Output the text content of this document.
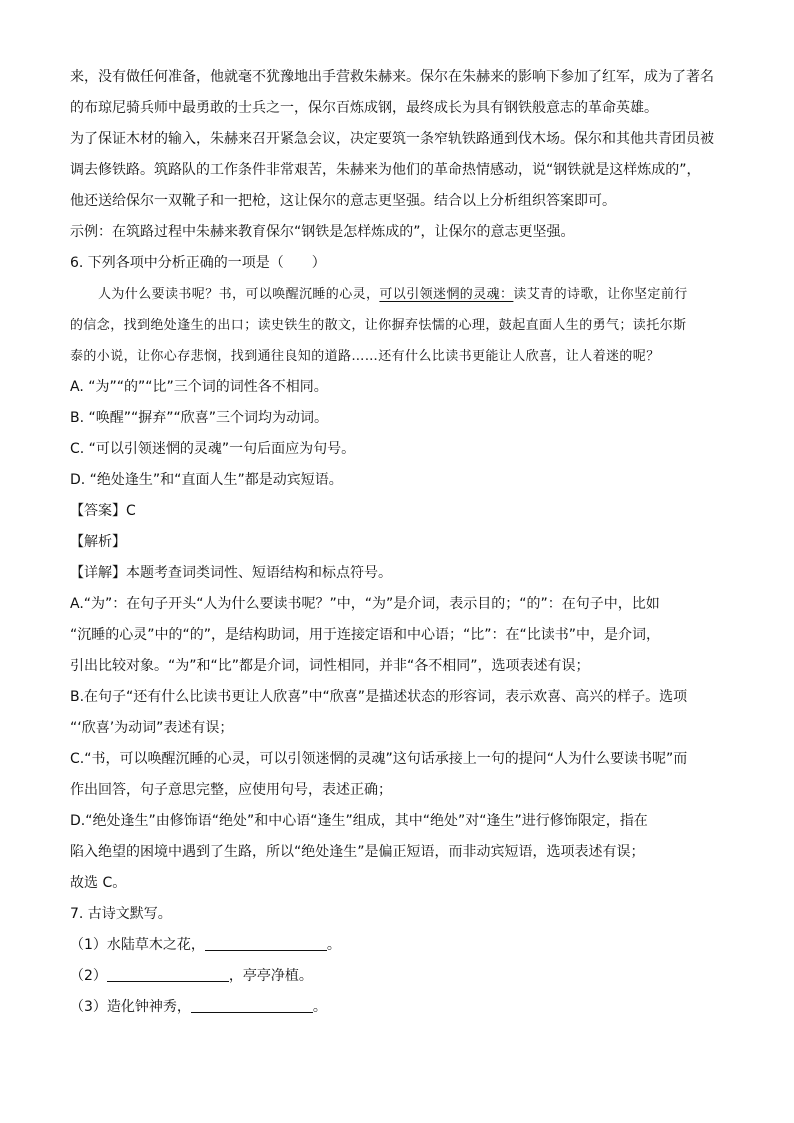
来，没有做任何准备，他就毫不犹豫地出手营救朱赫来。保尔在朱赫来的影响下参加了红军，成为了著名
的布琼尼骑兵师中最勇敢的士兵之一，保尔百炼成钢，最终成长为具有钢铁般意志的革命英雄。
为了保证木材的输入，朱赫来召开紧急会议，决定要筑一条窄轨铁路通到伐木场。保尔和其他共青团员被
调去修铁路。筑路队的工作条件非常艰苦，朱赫来为他们的革命热情感动，说“钢铁就是这样炼成的”，
他还送给保尔一双靴子和一把枪，这让保尔的意志更坚强。结合以上分析组织答案即可。
示例：在筑路过程中朱赫来教育保尔“钢铁是怎样炼成的”，让保尔的意志更坚强。
6. 下列各项中分析正确的一项是（　　）
人为什么要读书呢？书，可以唤醒沉睡的心灵，可以引领迷惘的灵魂：读艾青的诗歌，让你坚定前行
的信念，找到绝处逢生的出口；读史铁生的散文，让你摒弃怯懦的心理，鼓起直面人生的勇气；读托尔斯
泰的小说，让你心存悲悯，找到通往良知的道路……还有什么比读书更能让人欣喜，让人着迷的呢？
A. “为”“的”“比”三个词的词性各不相同。
B. “唤醒”“摒弃”“欣喜”三个词均为动词。
C. “可以引领迷惘的灵魂”一句后面应为句号。
D. “绝处逢生”和“直面人生”都是动宾短语。
【答案】C
【解析】
【详解】本题考查词类词性、短语结构和标点符号。
A.“为”：在句子开头“人为什么要读书呢？”中，“为”是介词，表示目的；“的”：在句子中，比如
“沉睡的心灵”中的“的”，是结构助词，用于连接定语和中心语；“比”：在“比读书”中，是介词，
引出比较对象。“为”和“比”都是介词，词性相同，并非“各不相同”，选项表述有误；
B.在句子“还有什么比读书更让人欣喜”中“欣喜”是描述状态的形容词，表示欢喜、高兴的样子。选项
“‘欣喜’为动词”表述有误；
C.“书，可以唤醒沉睡的心灵，可以引领迷惘的灵魂”这句话承接上一句的提问“人为什么要读书呢”而
作出回答，句子意思完整，应使用句号，表述正确；
D.“绝处逢生”由修饰语“绝处”和中心语“逢生”组成，其中“绝处”对“逢生”进行修饰限定，指在
陷入绝望的困境中遇到了生路，所以“绝处逢生”是偏正短语，而非动宾短语，选项表述有误；
故选 C。
7. 古诗文默写。
（1）水陆草木之花，	。
（2）	，亭亭净植。
（3）造化钟神秀，	。
